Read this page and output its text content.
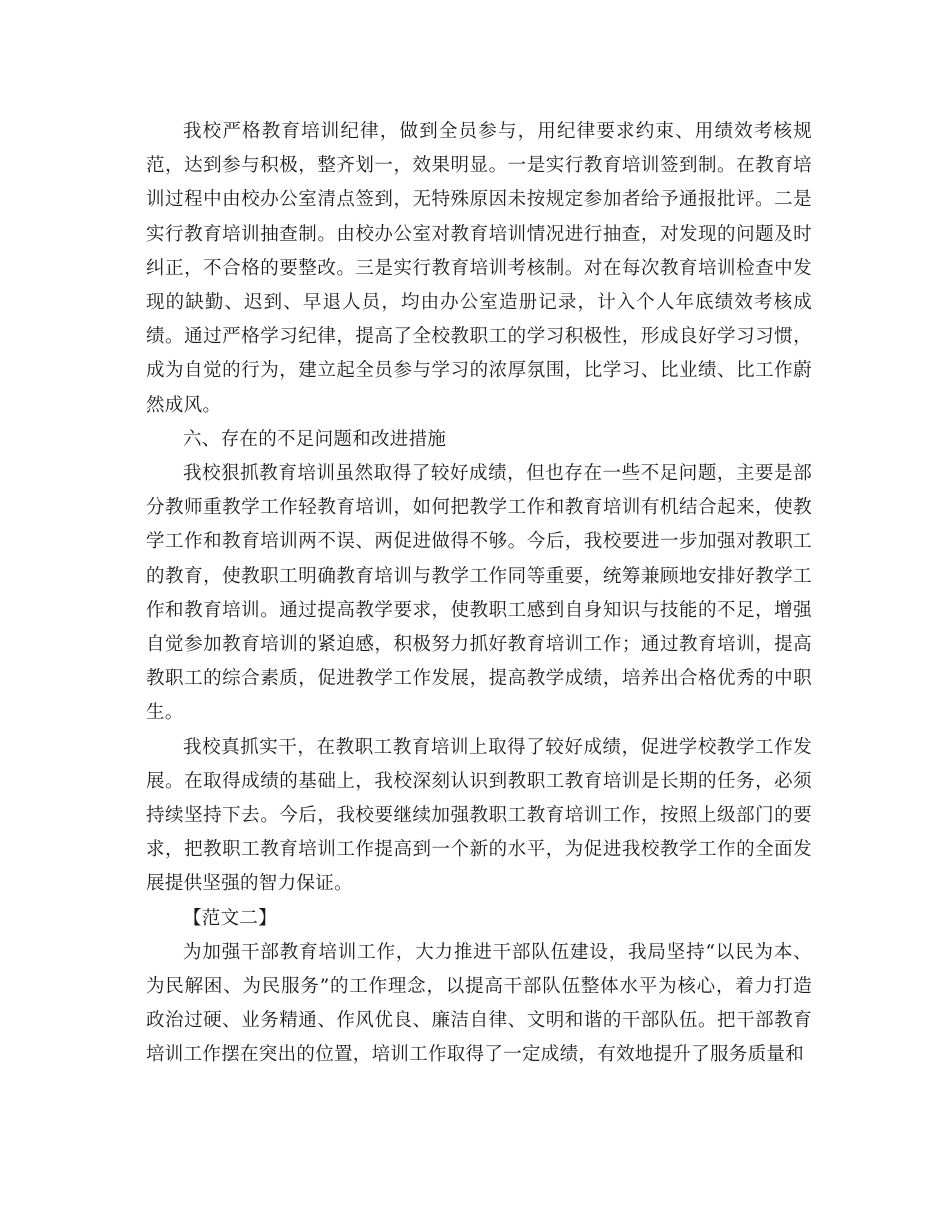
我校严格教育培训纪律，做到全员参与，用纪律要求约束、用绩效考核规范，达到参与积极，整齐划一，效果明显。一是实行教育培训签到制。在教育培训过程中由校办公室清点签到，无特殊原因未按规定参加者给予通报批评。二是实行教育培训抽查制。由校办公室对教育培训情况进行抽查，对发现的问题及时纠正，不合格的要整改。三是实行教育培训考核制。对在每次教育培训检查中发现的缺勤、迟到、早退人员，均由办公室造册记录，计入个人年底绩效考核成绩。通过严格学习纪律，提高了全校教职工的学习积极性，形成良好学习习惯，成为自觉的行为，建立起全员参与学习的浓厚氛围，比学习、比业绩、比工作蔚然成风。

六、存在的不足问题和改进措施

我校狠抓教育培训虽然取得了较好成绩，但也存在一些不足问题，主要是部分教师重教学工作轻教育培训，如何把教学工作和教育培训有机结合起来，使教学工作和教育培训两不误、两促进做得不够。今后，我校要进一步加强对教职工的教育，使教职工明确教育培训与教学工作同等重要，统筹兼顾地安排好教学工作和教育培训。通过提高教学要求，使教职工感到自身知识与技能的不足，增强自觉参加教育培训的紧迫感，积极努力抓好教育培训工作；通过教育培训，提高教职工的综合素质，促进教学工作发展，提高教学成绩，培养出合格优秀的中职生。

我校真抓实干，在教职工教育培训上取得了较好成绩，促进学校教学工作发展。在取得成绩的基础上，我校深刻认识到教职工教育培训是长期的任务，必须持续坚持下去。今后，我校要继续加强教职工教育培训工作，按照上级部门的要求，把教职工教育培训工作提高到一个新的水平，为促进我校教学工作的全面发展提供坚强的智力保证。

【范文二】

为加强干部教育培训工作，大力推进干部队伍建设，我局坚持“以民为本、为民解困、为民服务”的工作理念，以提高干部队伍整体水平为核心，着力打造政治过硬、业务精通、作风优良、廉洁自律、文明和谐的干部队伍。把干部教育培训工作摆在突出的位置，培训工作取得了一定成绩，有效地提升了服务质量和
